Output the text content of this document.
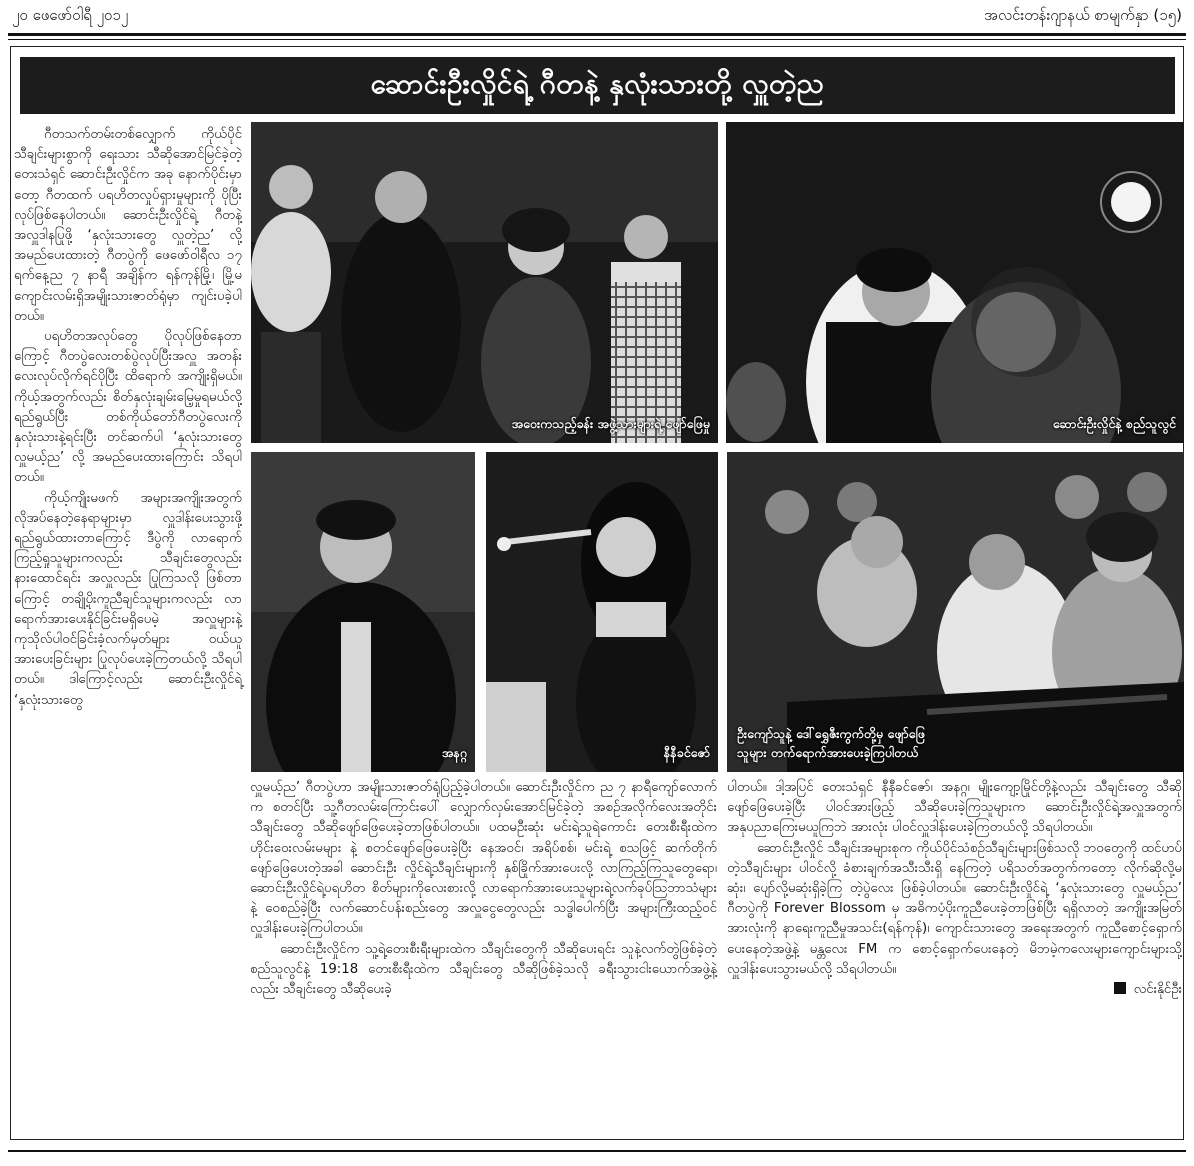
၂၀ ဖေဖော်ဝါရီ ၂၀၁၂	အလင်းတန်းဂျာနယ် စာမျက်နှာ (၁၅)
ဆောင်းဦးလှိုင်ရဲ့ ဂီတနဲ့ နှလုံးသားတို့ လှူတဲ့ည

ဂီတသက်တမ်းတစ်လျှောက် ကိုယ်ပိုင်သီချင်းများစွာကို ရေးသား သီဆိုအောင်မြင်ခဲ့တဲ့ တေးသံရှင် ဆောင်းဦးလှိုင်က အခု နောက်ပိုင်းမှာတော့ ဂီတထက် ပရဟိတလှုပ်ရှားမှုများကို ပိုပြီးလုပ်ဖြစ်နေပါတယ်။ ဆောင်းဦးလှိုင်ရဲ့ ဂီတနဲ့ အလှူဒါနပြုဖို့ ‘နှလုံးသားတွေ လှူတဲ့ည’ လို့ အမည်ပေးထားတဲ့ ဂီတပွဲကို ဖေဖော်ဝါရီလ ၁၇ ရက်နေ့ည ၇ နာရီ အချိန်က ရန်ကုန်မြို့၊ မြို့မကျောင်းလမ်းရှိအမျိုးသားဇာတ်ရုံမှာ ကျင်းပခဲ့ပါတယ်။

ပရဟိတအလုပ်တွေ ပိုလုပ်ဖြစ်နေတာကြောင့် ဂီတပွဲလေးတစ်ပွဲလုပ်ပြီးအလှူ အတန်းလေးလုပ်လိုက်ရင်ပိုပြီး ထိရောက် အကျိုးရှိမယ်။ ကိုယ့်အတွက်လည်း စိတ်နှလုံးချမ်းမြေ့မှုရမယ်လို့ ရည်ရွယ်ပြီး တစ်ကိုယ်တော်ဂီတပွဲလေးကို နှလုံးသားနဲ့ရင်းပြီး တင်ဆက်ပါ ‘နှလုံးသားတွေ လှူမယ့်ည’ လို့ အမည်ပေးထားကြောင်း သိရပါတယ်။

ကိုယ့်ကျိုးမဖက် အများအကျိုးအတွက် လိုအပ်နေတဲ့နေရာများမှာ လှူဒါန်းပေးသွားဖို့ ရည်ရွယ်ထားတာကြောင့် ဒီပွဲကို လာရောက်ကြည့်ရှုသူများကလည်း သီချင်းတွေလည်း နားထောင်ရင်း အလှူလည်း ပြုကြသလို ဖြစ်တာကြောင့် တချို့ပိုးကူညီချင်သူများကလည်း လာရောက်အားပေးနိုင်ခြင်းမရှိပေမဲ့ အလှူများနဲ့ ကုသိုလ်ပါဝင်ခြင်းခံ့လက်မှတ်များ ဝယ်ယူအားပေးခြင်းများ ပြုလုပ်ပေးခဲ့ကြတယ်လို့ သိရပါတယ်။ ဒါကြောင့်လည်း ဆောင်းဦးလှိုင်ရဲ့ ‘နှလုံးသားတွေ

အဝေးကသည့်ခန်း အဖွဲ့သားများရဲ့ ဖျော်ဖြေမှု	ဆောင်းဦးလှိုင်နဲ့ စည်သူလွင်
အနဂ္ဂ	နီနီခင်ဇော်
ဦးကျော်သူနဲ့ ဒေါ်ရွှေဇီးကွက်တို့မှ ဖျော်ဖြေသူများ တက်ရောက်အားပေးခဲ့ကြပါတယ်

လှူမယ့်ည’ ဂီတပွဲဟာ အမျိုးသားဇာတ်ရုံပြည့်ခဲ့ပါတယ်။ ဆောင်းဦးလှိုင်က ည ၇ နာရီကျော်လောက်က စတင်ပြီး သူ့ဂီတလမ်းကြောင်းပေါ် လျှောက်လှမ်းအောင်မြင်ခဲ့တဲ့ အစဉ်အလိုက်လေးအတိုင်းသီချင်းတွေ သီဆိုဖျော်ဖြေပေးခဲ့တာဖြစ်ပါတယ်။ ပထမဦးဆုံး မင်းရဲ့သူရဲကောင်း တေးစီးရီးထဲက ဟိုင်းဝေးလမ်းမများ နဲ့ စတင်ဖျော်ဖြေပေးခဲ့ပြီး နေအဝင်၊ အရိပ်စစ်၊ မင်းရဲ့ စသဖြင့် ဆက်တိုက်ဖျော်ဖြေပေးတဲ့အခါ ဆောင်းဦး လှိုင်ရဲ့သီချင်းများကို နှစ်ခြိုက်အားပေးလို့ လာကြည့်ကြသူတွေရော၊ ဆောင်းဦးလှိုင်ရဲ့ပရဟိတ စိတ်များကိုလေးစားလို့ လာရောက်အားပေးသူများရဲ့လက်ခုပ်သြဘာသံများနဲ့ ဝေစည်ခဲ့ပြီး လက်ဆောင်ပန်းစည်းတွေ အလှူငွေတွေလည်း သဒ္ဓါပေါက်ပြီး အများကြီးထည့်ဝင်လှူဒါန်းပေးခဲ့ကြပါတယ်။

ဆောင်းဦးလှိုင်က သူ့ရဲ့တေးစီးရီးများထဲက သီချင်းတွေကို သီဆိုပေးရင်း သူနဲ့လက်တွဲဖြစ်ခဲ့တဲ့ စည်သူလွင်နဲ့ 19:18 တေးစီးရီးထဲက သီချင်းတွေ သီဆိုဖြစ်ခဲ့သလို ခရီးသွားငါးယောက်အဖွဲ့နဲ့လည်း သီချင်းတွေ သီဆိုပေးခဲ့

ပါတယ်။ ဒါ့အပြင် တေးသံရှင် နီနီခင်ဇော်၊ အနဂ္ဂ၊ မျိုးကျော့မြိုင်တို့နဲ့လည်း သီချင်းတွေ သီဆိုဖျော်ဖြေပေးခဲ့ပြီး ပါဝင်အားဖြည့် သီဆိုပေးခဲ့ကြသူများက ဆောင်းဦးလှိုင်ရဲ့အလှူအတွက် အနုပညာကြေးမယူကြဘဲ အားလုံး ပါဝင်လှူဒါန်းပေးခဲ့ကြတယ်လို့ သိရပါတယ်။

ဆောင်းဦးလှိုင် သီချင်းအများစုက ကိုယ်ပိုင်သံစဉ်သီချင်းများဖြစ်သလို ဘဝတွေကို ထင်ဟပ်တဲ့သီချင်းများ ပါဝင်လို့ ခံစားချက်အသီးသီးရှိ နေကြတဲ့ ပရိသတ်အတွက်ကတော့ လိုက်ဆိုလို့မဆုံး၊ ပျော်လို့မဆုံးရှိခဲ့ကြ တဲ့ပွဲလေး ဖြစ်ခဲ့ပါတယ်။ ဆောင်းဦးလှိုင်ရဲ့ ‘နှလုံးသားတွေ လှူမယ့်ည’ ဂီတပွဲကို Forever Blossom မှ အဓိကပံ့ပိုးကူညီပေးခဲ့တာဖြစ်ပြီး ရရှိလာတဲ့ အကျိုးအမြတ်အားလုံးကို နာရေးကူညီမှုအသင်း(ရန်ကုန်)၊ ကျောင်းသားတွေ အရေးအတွက် ကူညီစောင့်ရှောက်ပေးနေတဲ့အဖွဲ့နဲ့ မန္တလေး FM က စောင့်ရှောက်ပေးနေတဲ့ မိဘမဲ့ကလေးများကျောင်းများသို့ လှူဒါန်းပေးသွားမယ်လို့ သိရပါတယ်။

လင်းနိုင်ဦး
